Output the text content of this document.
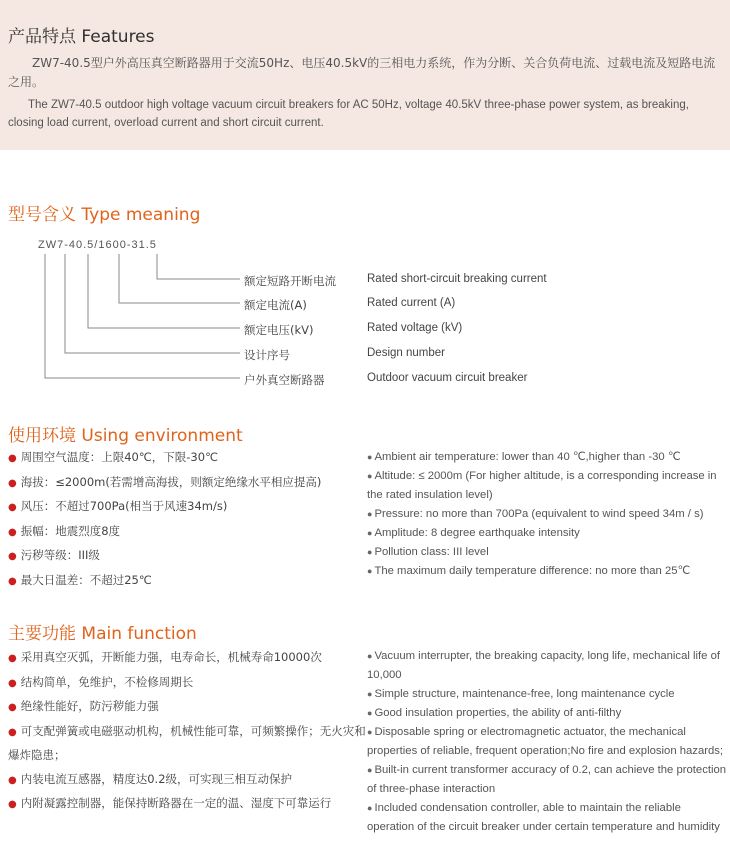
产品特点 Features
ZW7-40.5型户外高压真空断路器用于交流50Hz、电压40.5kV的三相电力系统，作为分断、关合负荷电流、过载电流及短路电流之用。
The ZW7-40.5 outdoor high voltage vacuum circuit breakers for AC 50Hz, voltage 40.5kV three-phase power system, as breaking, closing load current, overload current and short circuit current.
型号含义 Type meaning
ZW7-40.5/1600-31.5
额定短路开断电流	Rated short-circuit breaking current
额定电流(A)	Rated current (A)
额定电压(kV)	Rated voltage (kV)
设计序号	Design number
户外真空断路器	Outdoor vacuum circuit breaker
使用环境 Using environment
● 周围空气温度：上限40℃，下限-30℃
● 海拔：≤2000m(若需增高海拔，则额定绝缘水平相应提高)
● 风压：不超过700Pa(相当于风速34m/s)
● 振幅：地震烈度8度
● 污秽等级：III级
● 最大日温差：不超过25℃
● Ambient air temperature: lower than 40 ℃,higher than -30 ℃
● Altitude: ≤ 2000m (For higher altitude, is a corresponding increase in the rated insulation level)
● Pressure: no more than 700Pa (equivalent to wind speed 34m / s)
● Amplitude: 8 degree earthquake intensity
● Pollution class: III level
● The maximum daily temperature difference: no more than 25℃
主要功能 Main function
● 采用真空灭弧，开断能力强，电寿命长，机械寿命10000次
● 结构简单，免维护，不检修周期长
● 绝缘性能好，防污秽能力强
● 可支配弹簧或电磁驱动机构，机械性能可靠，可频繁操作；无火灾和爆炸隐患；
● 内装电流互感器，精度达0.2级，可实现三相互动保护
● 内附凝露控制器，能保持断路器在一定的温、湿度下可靠运行
● Vacuum interrupter, the breaking capacity, long life, mechanical life of 10,000
● Simple structure, maintenance-free, long maintenance cycle
● Good insulation properties, the ability of anti-filthy
● Disposable spring or electromagnetic actuator, the mechanical properties of reliable, frequent operation;No fire and explosion hazards;
● Built-in current transformer accuracy of 0.2, can achieve the protection of three-phase interaction
● Included condensation controller, able to maintain the reliable operation of the circuit breaker under certain temperature and humidity
